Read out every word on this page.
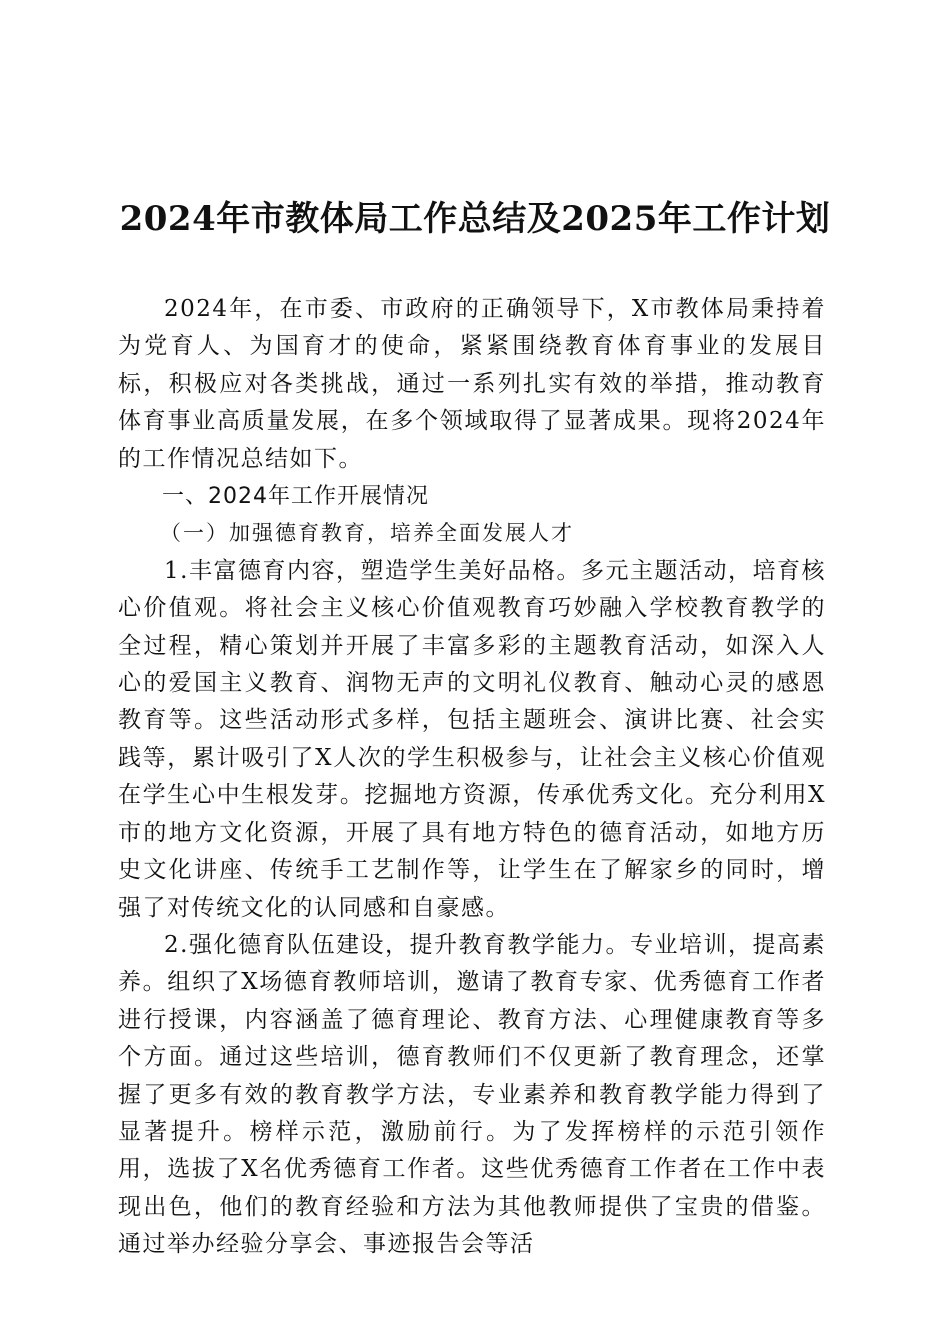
2024年市教体局工作总结及2025年工作计划

2024年，在市委、市政府的正确领导下，X市教体局秉持着为党育人、为国育才的使命，紧紧围绕教育体育事业的发展目标，积极应对各类挑战，通过一系列扎实有效的举措，推动教育体育事业高质量发展，在多个领域取得了显著成果。现将2024年的工作情况总结如下。

一、2024年工作开展情况

（一）加强德育教育，培养全面发展人才

1.丰富德育内容，塑造学生美好品格。多元主题活动，培育核心价值观。将社会主义核心价值观教育巧妙融入学校教育教学的全过程，精心策划并开展了丰富多彩的主题教育活动，如深入人心的爱国主义教育、润物无声的文明礼仪教育、触动心灵的感恩教育等。这些活动形式多样，包括主题班会、演讲比赛、社会实践等，累计吸引了X人次的学生积极参与，让社会主义核心价值观在学生心中生根发芽。挖掘地方资源，传承优秀文化。充分利用X市的地方文化资源，开展了具有地方特色的德育活动，如地方历史文化讲座、传统手工艺制作等，让学生在了解家乡的同时，增强了对传统文化的认同感和自豪感。

2.强化德育队伍建设，提升教育教学能力。专业培训，提高素养。组织了X场德育教师培训，邀请了教育专家、优秀德育工作者进行授课，内容涵盖了德育理论、教育方法、心理健康教育等多个方面。通过这些培训，德育教师们不仅更新了教育理念，还掌握了更多有效的教育教学方法，专业素养和教育教学能力得到了显著提升。榜样示范，激励前行。为了发挥榜样的示范引领作用，选拔了X名优秀德育工作者。这些优秀德育工作者在工作中表现出色，他们的教育经验和方法为其他教师提供了宝贵的借鉴。通过举办经验分享会、事迹报告会等活
